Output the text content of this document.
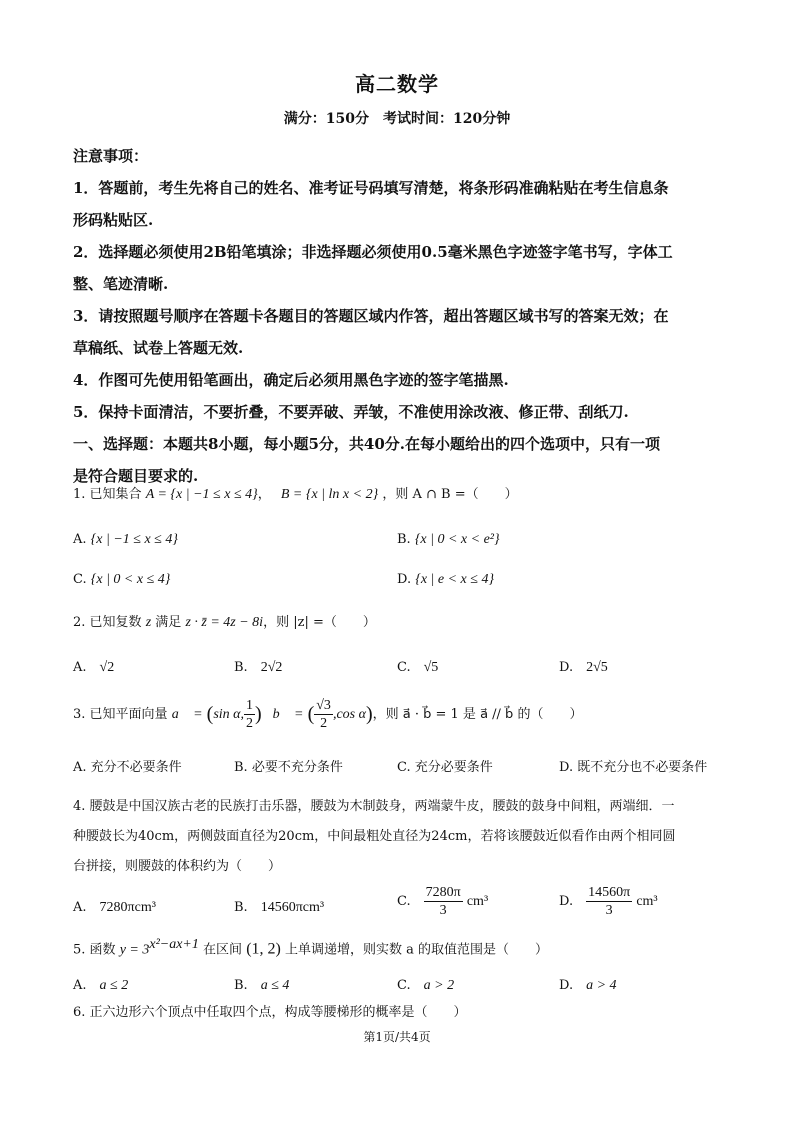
高二数学
满分：150分　考试时间：120分钟
注意事项：
1．答题前，考生先将自己的姓名、准考证号码填写清楚，将条形码准确粘贴在考生信息条
形码粘贴区.
2．选择题必须使用2B铅笔填涂；非选择题必须使用0.5毫米黑色字迹签字笔书写，字体工
整、笔迹清晰.
3．请按照题号顺序在答题卡各题目的答题区域内作答，超出答题区域书写的答案无效；在
草稿纸、试卷上答题无效.
4．作图可先使用铅笔画出，确定后必须用黑色字迹的签字笔描黑.
5．保持卡面清洁，不要折叠，不要弄破、弄皱，不准使用涂改液、修正带、刮纸刀.
一、选择题：本题共8小题，每小题5分，共40分.在每小题给出的四个选项中，只有一项
是符合题目要求的.
1. 已知集合 A = {x | −1 ≤ x ≤ 4}， B = {x | ln x < 2} ，则 A ∩ B =（　　）
A. {x | −1 ≤ x ≤ 4}	B. {x | 0 < x < e²}
C. {x | 0 < x ≤ 4}	D. {x | e < x ≤ 4}
2. 已知复数 z 满足 z · z̄ = 4z − 8i，则 |z| =（　　）
A.　√2	B.　2√2	C.　√5	D.　2√5
3. 已知平面向量 a⃗ = (sin α, $\frac{1}{2}$ )，b⃗ = ( $\frac{√3}{2} ,\cos$ α)，则 a⃗ · b⃗ = 1 是 a⃗ // b⃗ 的（　　）
A. 充分不必要条件	B. 必要不充分条件	C. 充分必要条件	D. 既不充分也不必要条件
4. 腰鼓是中国汉族古老的民族打击乐器，腰鼓为木制鼓身，两端蒙牛皮，腰鼓的鼓身中间粗，两端细．一
种腰鼓长为40cm，两侧鼓面直径为20cm，中间最粗处直径为24cm，若将该腰鼓近似看作由两个相同圆
台拼接，则腰鼓的体积约为（　　）
A.　7280πcm³	B.　14560πcm³	C.　 $\frac{7280\pi}{3} cm^3$	D.　 $\frac{14560\pi}{3} cm^3$
5. 函数 $y = 3^{x^2-ax+1}$ 在区间 (1, 2) 上单调递增，则实数 a 的取值范围是（　　）
A.　a ≤ 2	B.　a ≤ 4	C.　a > 2	D.　a > 4
6. 正六边形六个顶点中任取四个点，构成等腰梯形的概率是（　　）
第1页/共4页
